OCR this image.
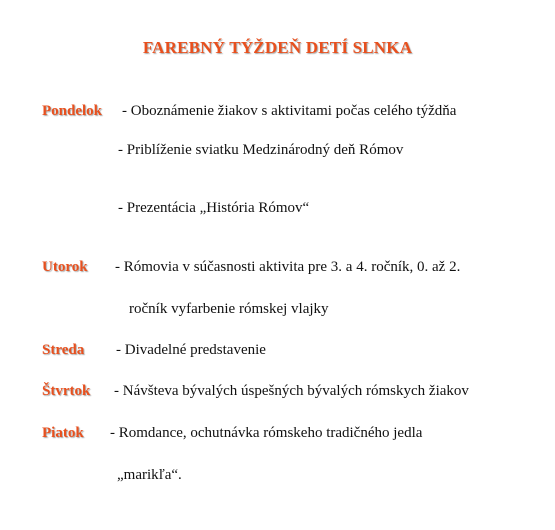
FAREBNÝ TÝŽDEŇ DETÍ SLNKA
Pondelok - Oboznámenie žiakov s aktivitami počas celého týždňa
- Priblíženie sviatku Medzinárodný deň Rómov
- Prezentácia „História Rómov“
Utorok - Rómovia v súčasnosti aktivita pre 3. a 4. ročník, 0. až 2.
ročník vyfarbenie rómskej vlajky
Streda - Divadelné predstavenie
Štvrtok - Návšteva bývalých úspešných bývalých rómskych žiakov
Piatok - Romdance, ochutnávka rómskeho tradičného jedla
„marikľa“.
